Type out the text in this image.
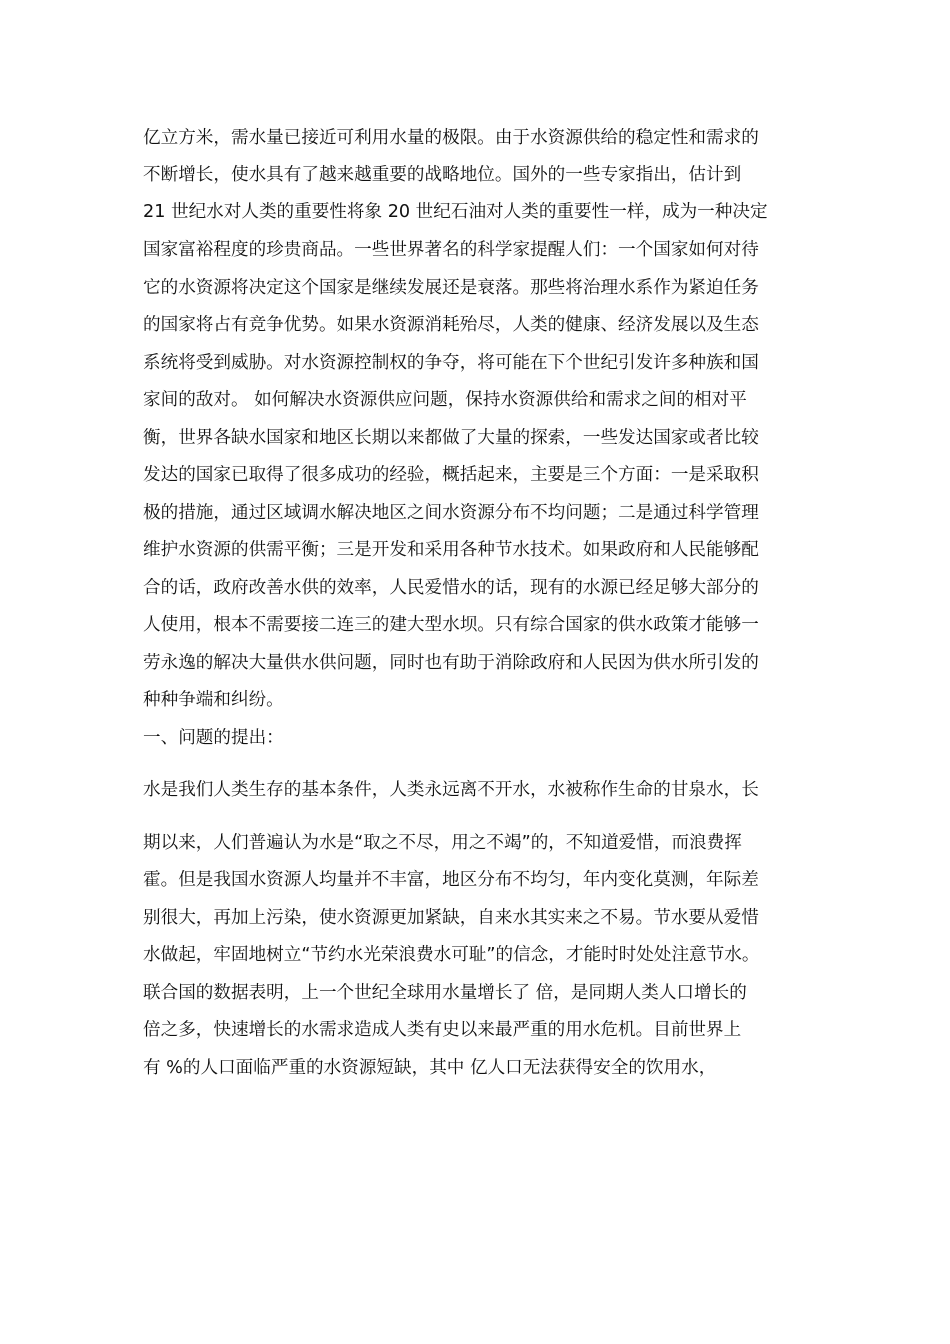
亿立方米，需水量已接近可利用水量的极限。由于水资源供给的稳定性和需求的
不断增长，使水具有了越来越重要的战略地位。国外的一些专家指出，估计到
21 世纪水对人类的重要性将象 20 世纪石油对人类的重要性一样，成为一种决定
国家富裕程度的珍贵商品。一些世界著名的科学家提醒人们：一个国家如何对待
它的水资源将决定这个国家是继续发展还是衰落。那些将治理水系作为紧迫任务
的国家将占有竞争优势。如果水资源消耗殆尽，人类的健康、经济发展以及生态
系统将受到威胁。对水资源控制权的争夺，将可能在下个世纪引发许多种族和国
家间的敌对。 如何解决水资源供应问题，保持水资源供给和需求之间的相对平
衡，世界各缺水国家和地区长期以来都做了大量的探索，一些发达国家或者比较
发达的国家已取得了很多成功的经验，概括起来，主要是三个方面：一是采取积
极的措施，通过区域调水解决地区之间水资源分布不均问题；二是通过科学管理
维护水资源的供需平衡；三是开发和采用各种节水技术。如果政府和人民能够配
合的话，政府改善水供的效率，人民爱惜水的话，现有的水源已经足够大部分的
人使用，根本不需要接二连三的建大型水坝。只有综合国家的供水政策才能够一
劳永逸的解决大量供水供问题，同时也有助于消除政府和人民因为供水所引发的
种种争端和纠纷。
一、问题的提出：
水是我们人类生存的基本条件，人类永远离不开水，水被称作生命的甘泉水，长
期以来，人们普遍认为水是“取之不尽，用之不竭”的，不知道爱惜，而浪费挥
霍。但是我国水资源人均量并不丰富，地区分布不均匀，年内变化莫测，年际差
别很大，再加上污染，使水资源更加紧缺，自来水其实来之不易。节水要从爱惜
水做起，牢固地树立“节约水光荣浪费水可耻”的信念，才能时时处处注意节水。
联合国的数据表明，上一个世纪全球用水量增长了 倍，是同期人类人口增长的
倍之多，快速增长的水需求造成人类有史以来最严重的用水危机。目前世界上
有 %的人口面临严重的水资源短缺，其中 亿人口无法获得安全的饮用水，
